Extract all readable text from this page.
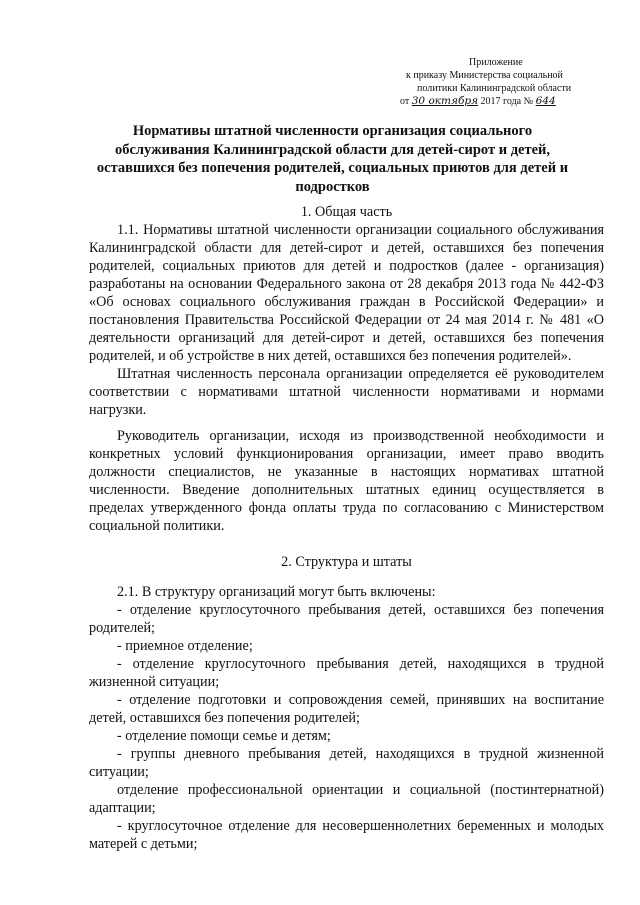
Приложение
к приказу Министерства социальной
политики Калининградской области
от 30 октября 2017 года № 644
Нормативы штатной численности организация социального
обслуживания Калининградской области для детей-сирот и детей,
оставшихся без попечения родителей, социальных приютов для детей и
подростков

1. Общая часть

1.1. Нормативы штатной численности организации социального обслуживания Калининградской области для детей-сирот и детей, оставшихся без попечения родителей, социальных приютов для детей и подростков (далее - организация) разработаны на основании Федерального закона от 28 декабря 2013 года № 442-ФЗ «Об основах социального обслуживания граждан в Российской Федерации» и постановления Правительства Российской Федерации от 24 мая 2014 г. № 481 «О деятельности организаций для детей-сирот и детей, оставшихся без попечения родителей, и об устройстве в них детей, оставшихся без попечения родителей».

Штатная численность персонала организации определяется её руководителем соответствии с нормативами штатной численности нормативами и нормами нагрузки.

Руководитель организации, исходя из производственной необходимости и конкретных условий функционирования организации, имеет право вводить должности специалистов, не указанные в настоящих нормативах штатной численности. Введение дополнительных штатных единиц осуществляется в пределах утвержденного фонда оплаты труда по согласованию с Министерством социальной политики.

2. Структура и штаты

2.1. В структуру организаций могут быть включены:

- отделение круглосуточного пребывания детей, оставшихся без попечения родителей;

- приемное отделение;

- отделение круглосуточного пребывания детей, находящихся в трудной жизненной ситуации;

- отделение подготовки и сопровождения семей, принявших на воспитание детей, оставшихся без попечения родителей;

- отделение помощи семье и детям;

- группы дневного пребывания детей, находящихся в трудной жизненной ситуации;

отделение профессиональной ориентации и социальной (постинтернатной) адаптации;

- круглосуточное отделение для несовершеннолетних беременных и молодых матерей с детьми;
